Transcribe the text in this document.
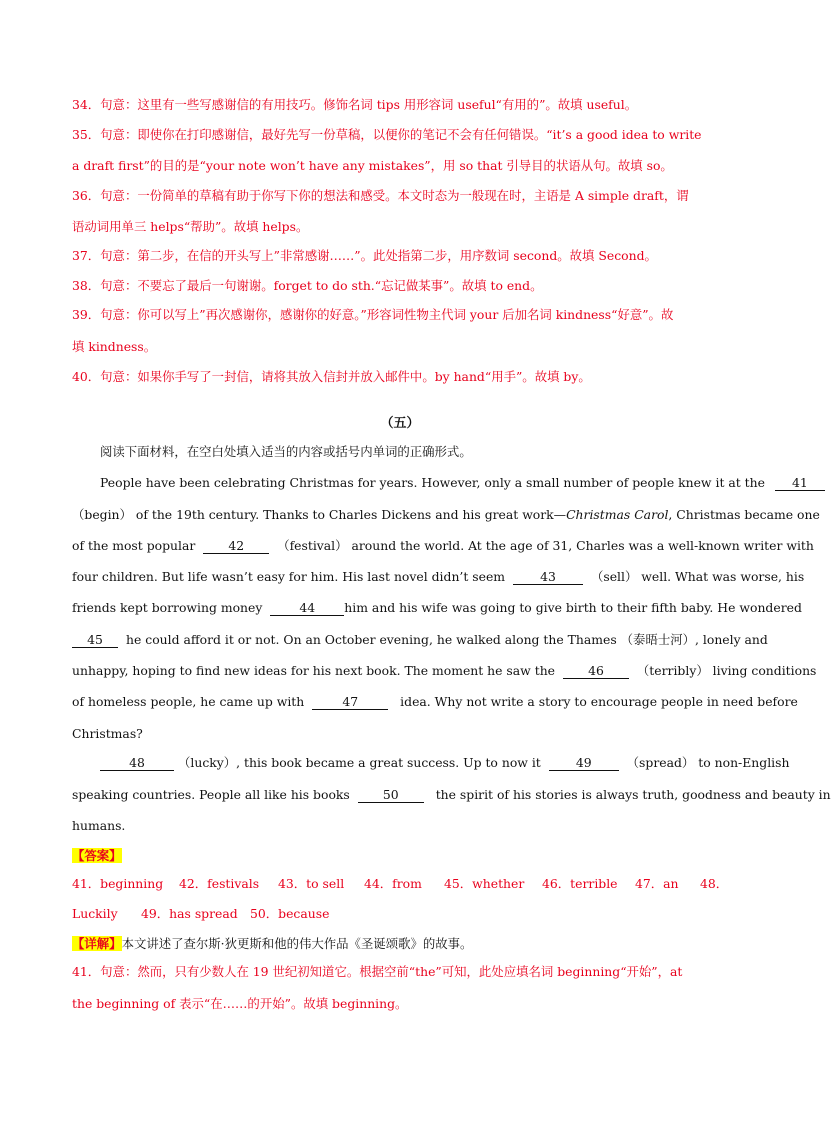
34．句意：这里有一些写感谢信的有用技巧。修饰名词 tips 用形容词 useful“有用的”。故填 useful。
35．句意：即使你在打印感谢信，最好先写一份草稿，以便你的笔记不会有任何错误。“it’s a good idea to write
a draft first”的目的是“your note won’t have any mistakes”，用 so that 引导目的状语从句。故填 so。
36．句意：一份简单的草稿有助于你写下你的想法和感受。本文时态为一般现在时，主语是 A simple draft，谓
语动词用单三 helps“帮助”。故填 helps。
37．句意：第二步，在信的开头写上”非常感谢……”。此处指第二步，用序数词 second。故填 Second。
38．句意：不要忘了最后一句谢谢。forget to do sth.“忘记做某事”。故填 to end。
39．句意：你可以写上”再次感谢你，感谢你的好意。”形容词性物主代词 your 后加名词 kindness“好意”。故
填 kindness。
40．句意：如果你手写了一封信，请将其放入信封并放入邮件中。by hand“用手”。故填 by。
（五）
阅读下面材料，在空白处填入适当的内容或括号内单词的正确形式。
People have been celebrating Christmas for years. However, only a small number of people knew it at the 41
（begin） of the 19th century. Thanks to Charles Dickens and his great work—Christmas Carol, Christmas became one
of the most popular	42	（festival） around the world. At the age of 31, Charles was a well-known writer with
four children. But life wasn’t easy for him. His last novel didn’t seem	43	（sell） well. What was worse, his
friends kept borrowing money	44 him and his wife was going to give birth to their fifth baby. He wondered
45 he could afford it or not. On an October evening, he walked along the Thames （泰晤士河）, lonely and
unhappy, hoping to find new ideas for his next book. The moment he saw the	46	（terribly） living conditions
of homeless people, he came up with	47	idea. Why not write a story to encourage people in need before
Christmas?
48	（lucky）, this book became a great success. Up to now it	49	（spread） to non-English
speaking countries. People all like his books	50	the spirit of his stories is always truth, goodness and beauty in
humans.
【答案】
41．beginning 42．festivals 43．to sell 44．from 45．whether 46．terrible 47．an 48．
Luckily 49．has spread 50．because
【详解】本文讲述了查尔斯·狄更斯和他的伟大作品《圣诞颂歌》的故事。
41．句意：然而，只有少数人在 19 世纪初知道它。根据空前“the”可知，此处应填名词 beginning“开始”，at
the beginning of 表示“在……的开始”。故填 beginning。
